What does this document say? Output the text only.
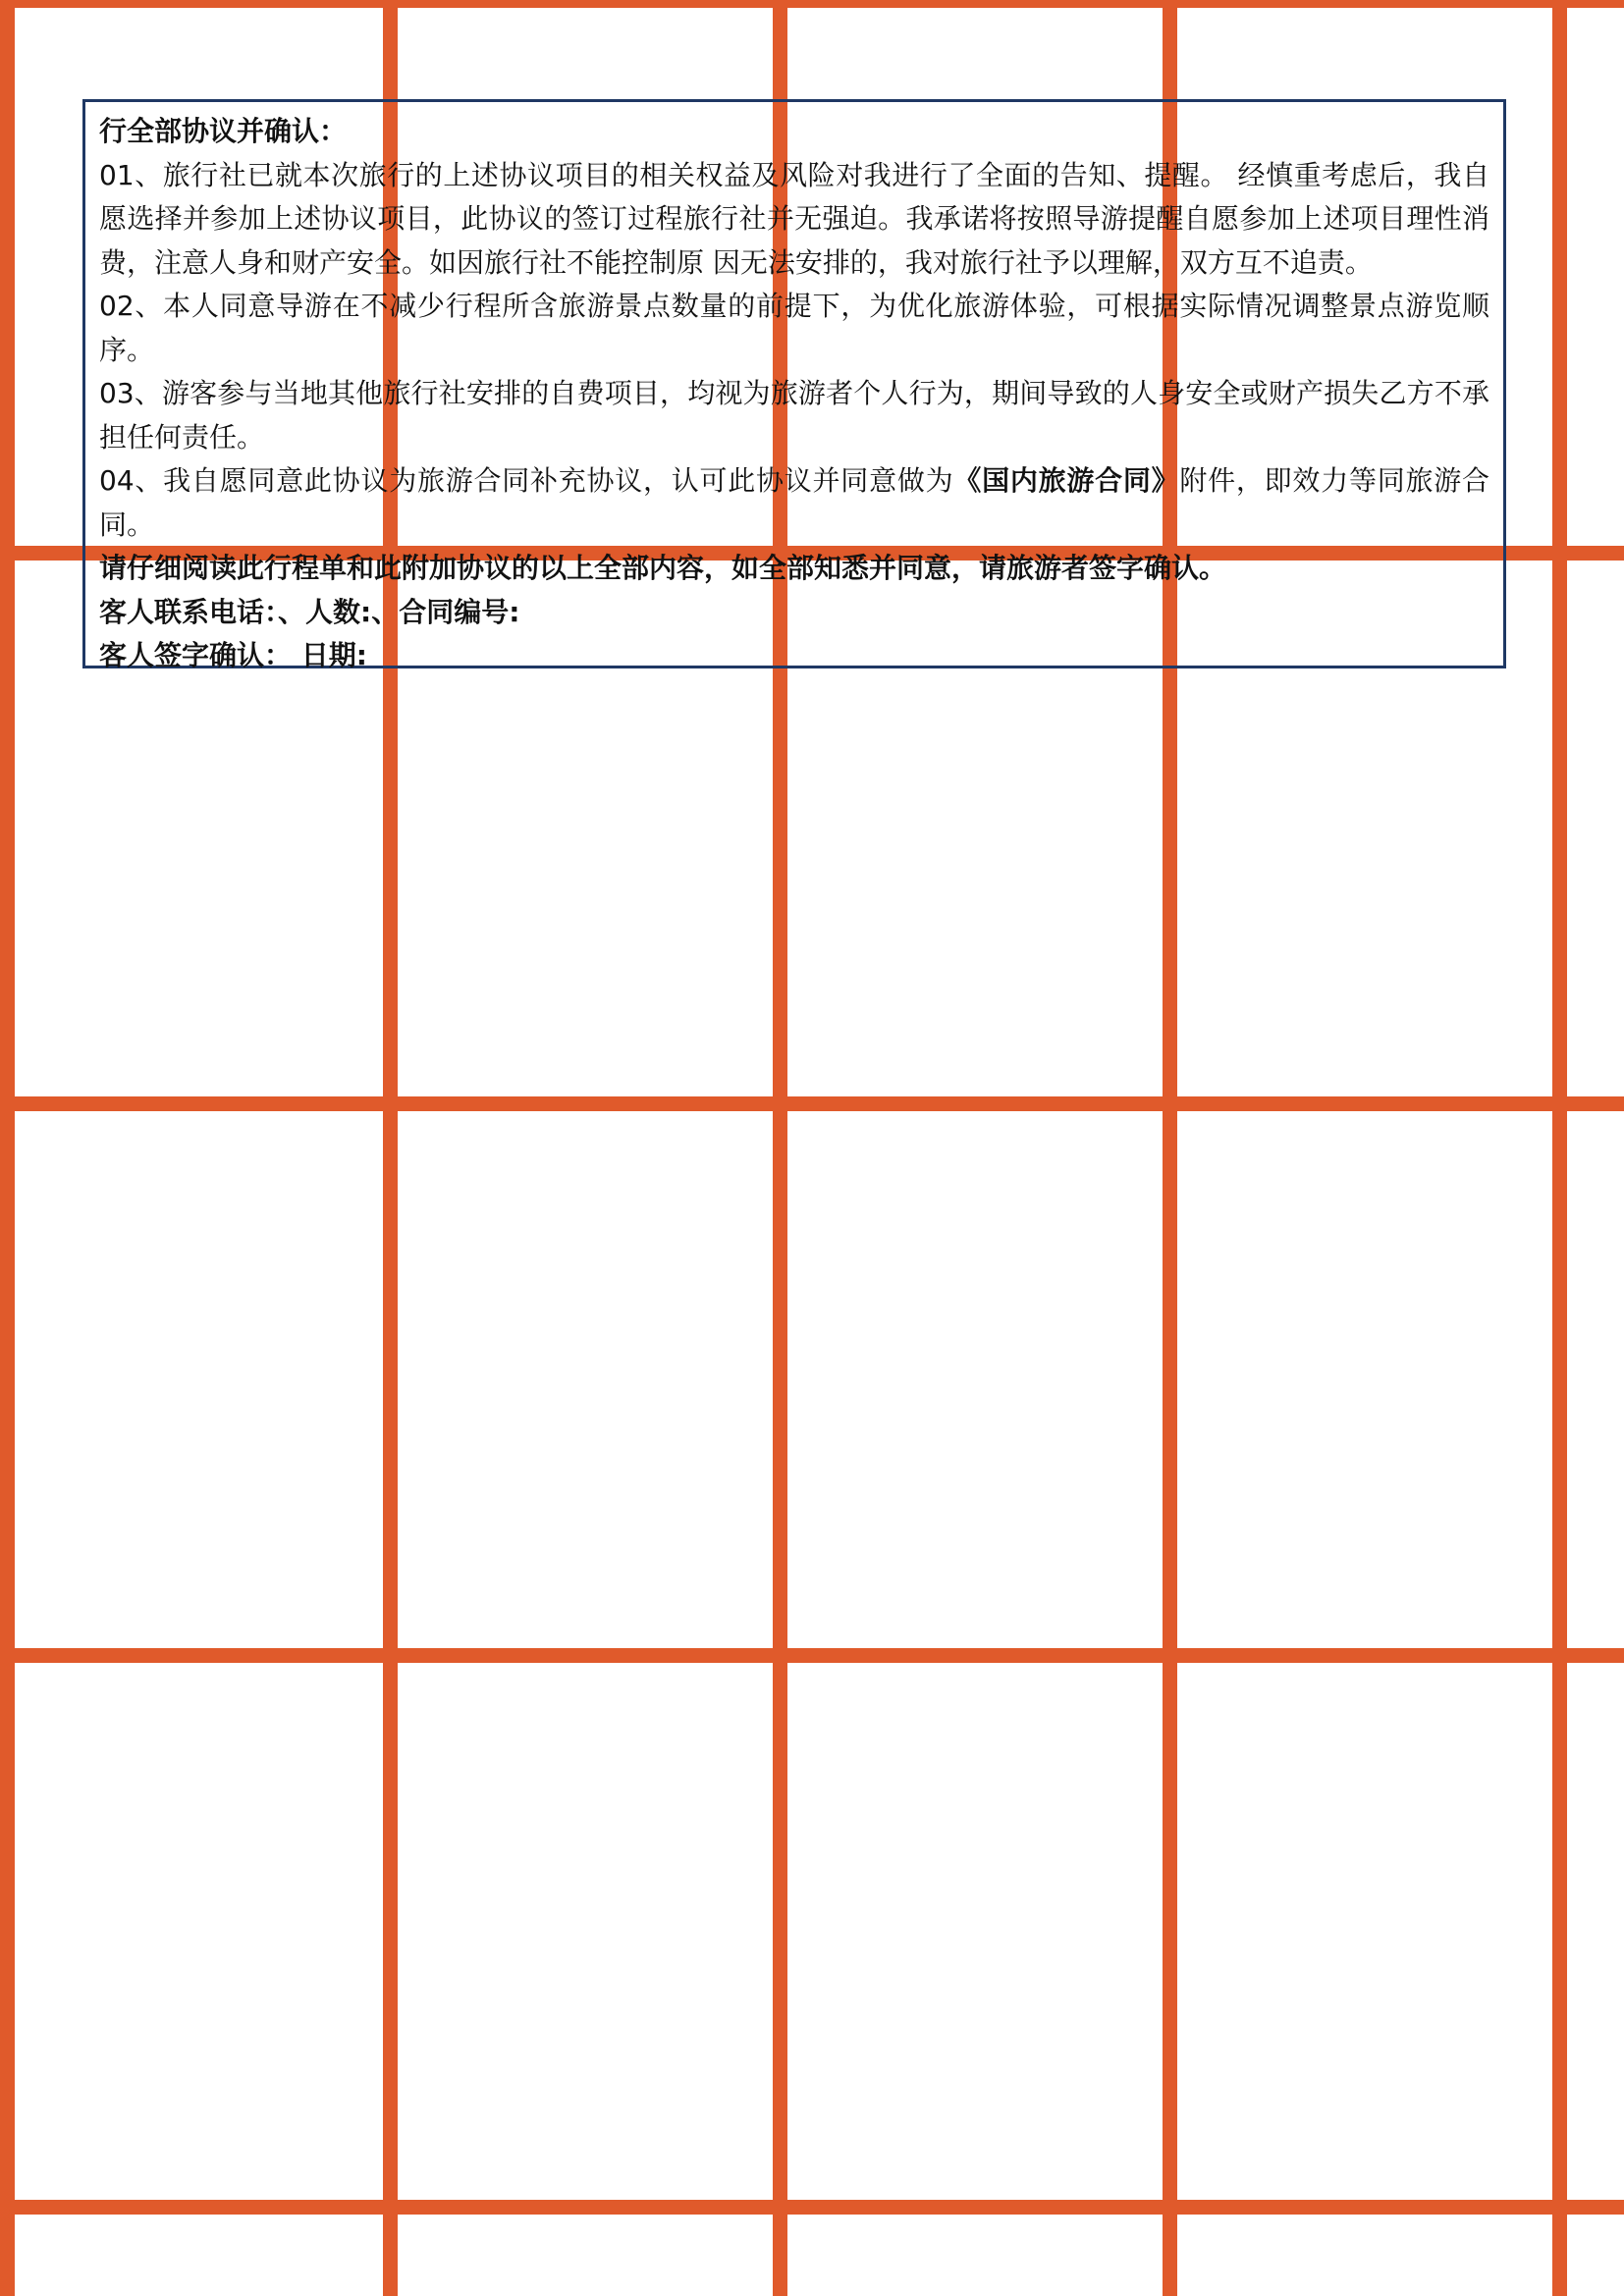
行全部协议并确认：

01、旅行社已就本次旅行的上述协议项目的相关权益及风险对我进行了全面的告知、提醒。 经慎重考虑后，我自愿选择并参加上述协议项目，此协议的签订过程旅行社并无强迫。我承诺将按照导游提醒自愿参加上述项目理性消费，注意人身和财产安全。如因旅行社不能控制原 因无法安排的，我对旅行社予以理解，双方互不追责。

02、本人同意导游在不减少行程所含旅游景点数量的前提下，为优化旅游体验，可根据实际情况调整景点游览顺序。

03、游客参与当地其他旅行社安排的自费项目，均视为旅游者个人行为，期间导致的人身安全或财产损失乙方不承担任何责任。

04、我自愿同意此协议为旅游合同补充协议，认可此协议并同意做为《国内旅游合同》附件，即效力等同旅游合同。

请仔细阅读此行程单和此附加协议的以上全部内容，如全部知悉并同意，请旅游者签字确认。

客人联系电话：、人数:、合同编号:

客人签字确认： 日期:
